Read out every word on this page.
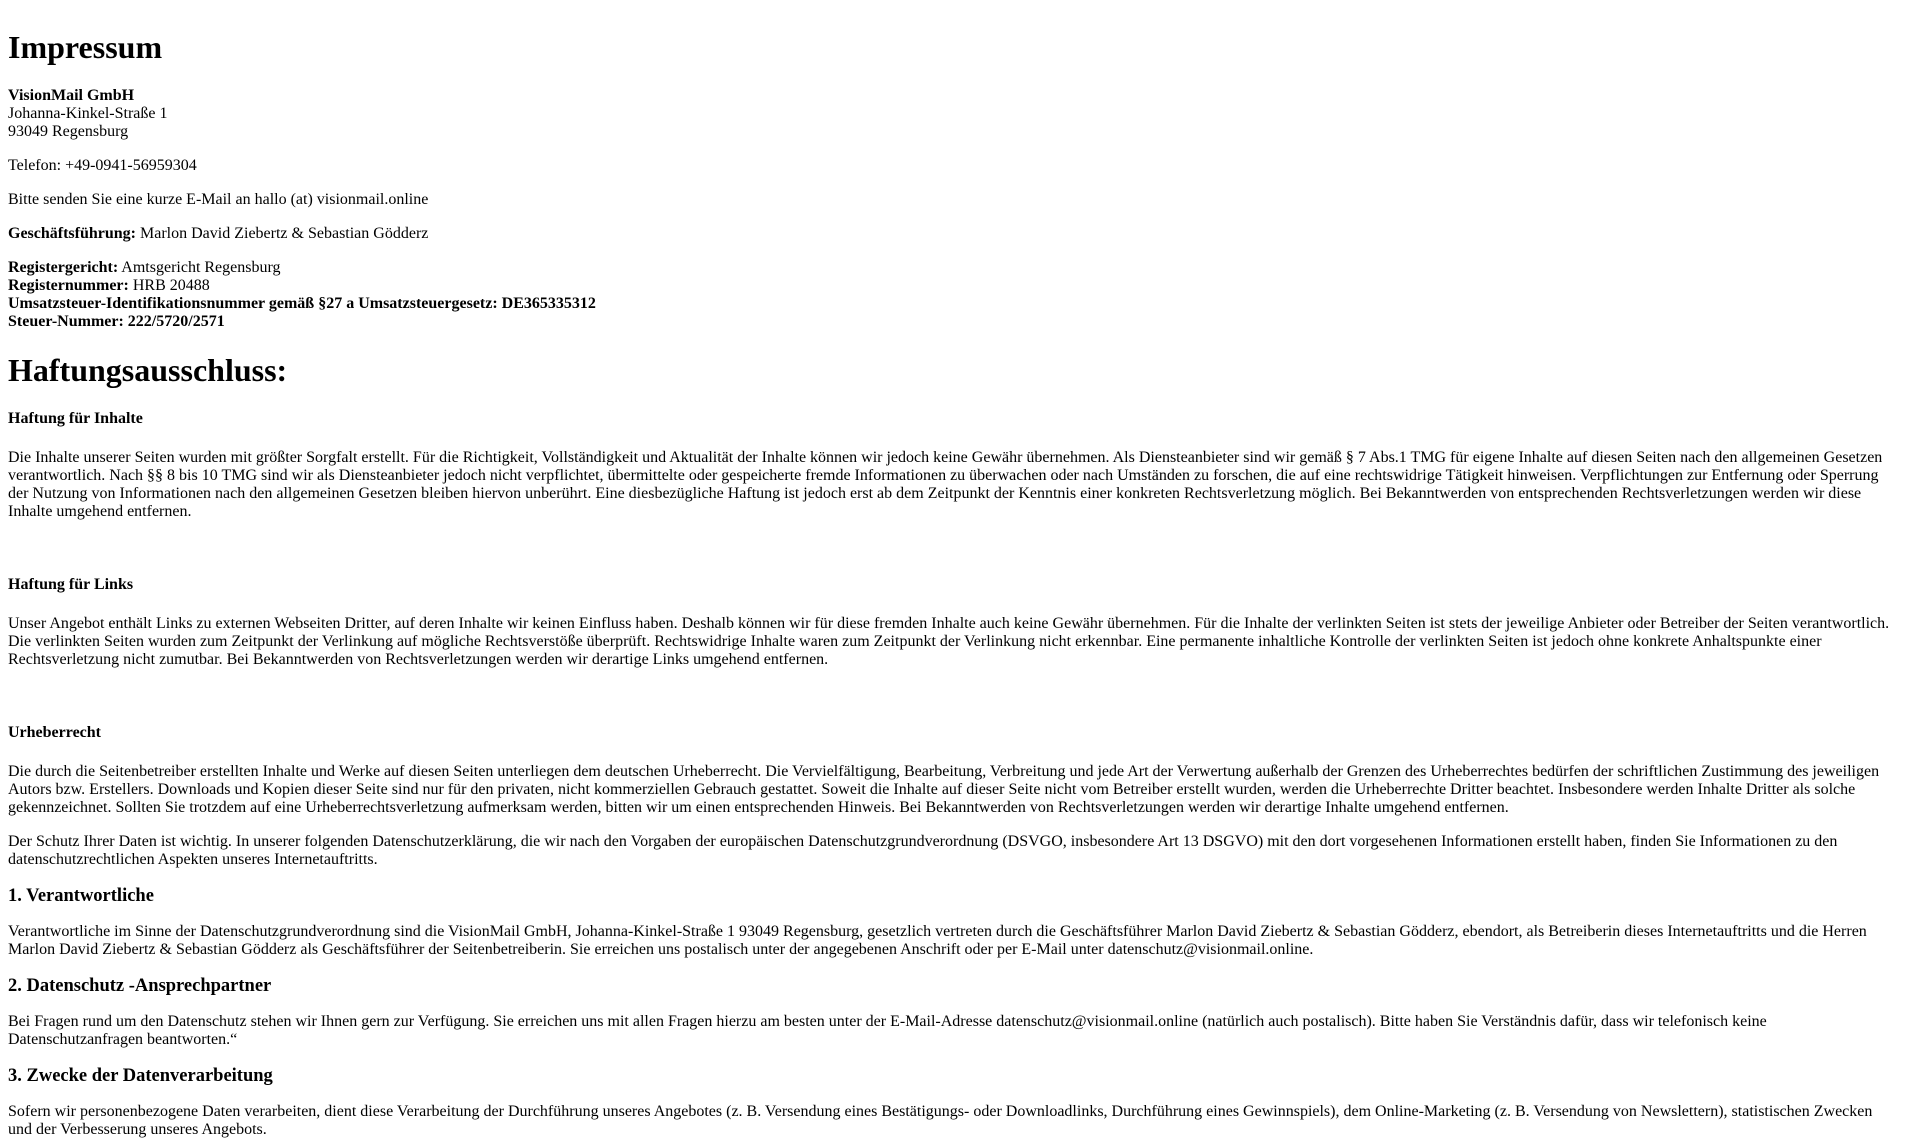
Impressum
VisionMail GmbH
Johanna-Kinkel-Straße 1
93049 Regensburg

Telefon: +49-0941-56959304

Bitte senden Sie eine kurze E-Mail an hallo (at) visionmail.online

Geschäftsführung: Marlon David Ziebertz & Sebastian Gödderz

Registergericht: Amtsgericht Regensburg
Registernummer: HRB 20488
Umsatzsteuer-Identifikationsnummer gemäß §27 a Umsatzsteuergesetz: DE365335312
Steuer-Nummer: 222/5720/2571
Haftungsausschluss:
Haftung für Inhalte

Die Inhalte unserer Seiten wurden mit größter Sorgfalt erstellt. Für die Richtigkeit, Vollständigkeit und Aktualität der Inhalte können wir jedoch keine Gewähr übernehmen. Als Diensteanbieter sind wir gemäß § 7 Abs.1 TMG für eigene Inhalte auf diesen Seiten nach den allgemeinen Gesetzen verantwortlich. Nach §§ 8 bis 10 TMG sind wir als Diensteanbieter jedoch nicht verpflichtet, übermittelte oder gespeicherte fremde Informationen zu überwachen oder nach Umständen zu forschen, die auf eine rechtswidrige Tätigkeit hinweisen. Verpflichtungen zur Entfernung oder Sperrung der Nutzung von Informationen nach den allgemeinen Gesetzen bleiben hiervon unberührt. Eine diesbezügliche Haftung ist jedoch erst ab dem Zeitpunkt der Kenntnis einer konkreten Rechtsverletzung möglich. Bei Bekanntwerden von entsprechenden Rechtsverletzungen werden wir diese Inhalte umgehend entfernen.

Haftung für Links

Unser Angebot enthält Links zu externen Webseiten Dritter, auf deren Inhalte wir keinen Einfluss haben. Deshalb können wir für diese fremden Inhalte auch keine Gewähr übernehmen. Für die Inhalte der verlinkten Seiten ist stets der jeweilige Anbieter oder Betreiber der Seiten verantwortlich. Die verlinkten Seiten wurden zum Zeitpunkt der Verlinkung auf mögliche Rechtsverstöße überprüft. Rechtswidrige Inhalte waren zum Zeitpunkt der Verlinkung nicht erkennbar. Eine permanente inhaltliche Kontrolle der verlinkten Seiten ist jedoch ohne konkrete Anhaltspunkte einer Rechtsverletzung nicht zumutbar. Bei Bekanntwerden von Rechtsverletzungen werden wir derartige Links umgehend entfernen.

Urheberrecht

Die durch die Seitenbetreiber erstellten Inhalte und Werke auf diesen Seiten unterliegen dem deutschen Urheberrecht. Die Vervielfältigung, Bearbeitung, Verbreitung und jede Art der Verwertung außerhalb der Grenzen des Urheberrechtes bedürfen der schriftlichen Zustimmung des jeweiligen Autors bzw. Erstellers. Downloads und Kopien dieser Seite sind nur für den privaten, nicht kommerziellen Gebrauch gestattet. Soweit die Inhalte auf dieser Seite nicht vom Betreiber erstellt wurden, werden die Urheberrechte Dritter beachtet. Insbesondere werden Inhalte Dritter als solche gekennzeichnet. Sollten Sie trotzdem auf eine Urheberrechtsverletzung aufmerksam werden, bitten wir um einen entsprechenden Hinweis. Bei Bekanntwerden von Rechtsverletzungen werden wir derartige Inhalte umgehend entfernen.

Der Schutz Ihrer Daten ist wichtig. In unserer folgenden Datenschutzerklärung, die wir nach den Vorgaben der europäischen Datenschutzgrundverordnung (DSVGO, insbesondere Art 13 DSGVO) mit den dort vorgesehenen Informationen erstellt haben, finden Sie Informationen zu den datenschutzrechtlichen Aspekten unseres Internetauftritts.

1. Verantwortliche

Verantwortliche im Sinne der Datenschutzgrundverordnung sind die VisionMail GmbH, Johanna-Kinkel-Straße 1 93049 Regensburg, gesetzlich vertreten durch die Geschäftsführer Marlon David Ziebertz & Sebastian Gödderz, ebendort, als Betreiberin dieses Internetauftritts und die Herren Marlon David Ziebertz & Sebastian Gödderz als Geschäftsführer der Seitenbetreiberin. Sie erreichen uns postalisch unter der angegebenen Anschrift oder per E-Mail unter datenschutz@visionmail.online.

2. Datenschutz -Ansprechpartner

Bei Fragen rund um den Datenschutz stehen wir Ihnen gern zur Verfügung. Sie erreichen uns mit allen Fragen hierzu am besten unter der E-Mail-Adresse datenschutz@visionmail.online (natürlich auch postalisch). Bitte haben Sie Verständnis dafür, dass wir telefonisch keine Datenschutzanfragen beantworten.“

3. Zwecke der Datenverarbeitung

Sofern wir personenbezogene Daten verarbeiten, dient diese Verarbeitung der Durchführung unseres Angebotes (z. B. Versendung eines Bestätigungs- oder Downloadlinks, Durchführung eines Gewinnspiels), dem Online-Marketing (z. B. Versendung von Newslettern), statistischen Zwecken und der Verbesserung unseres Angebots.
